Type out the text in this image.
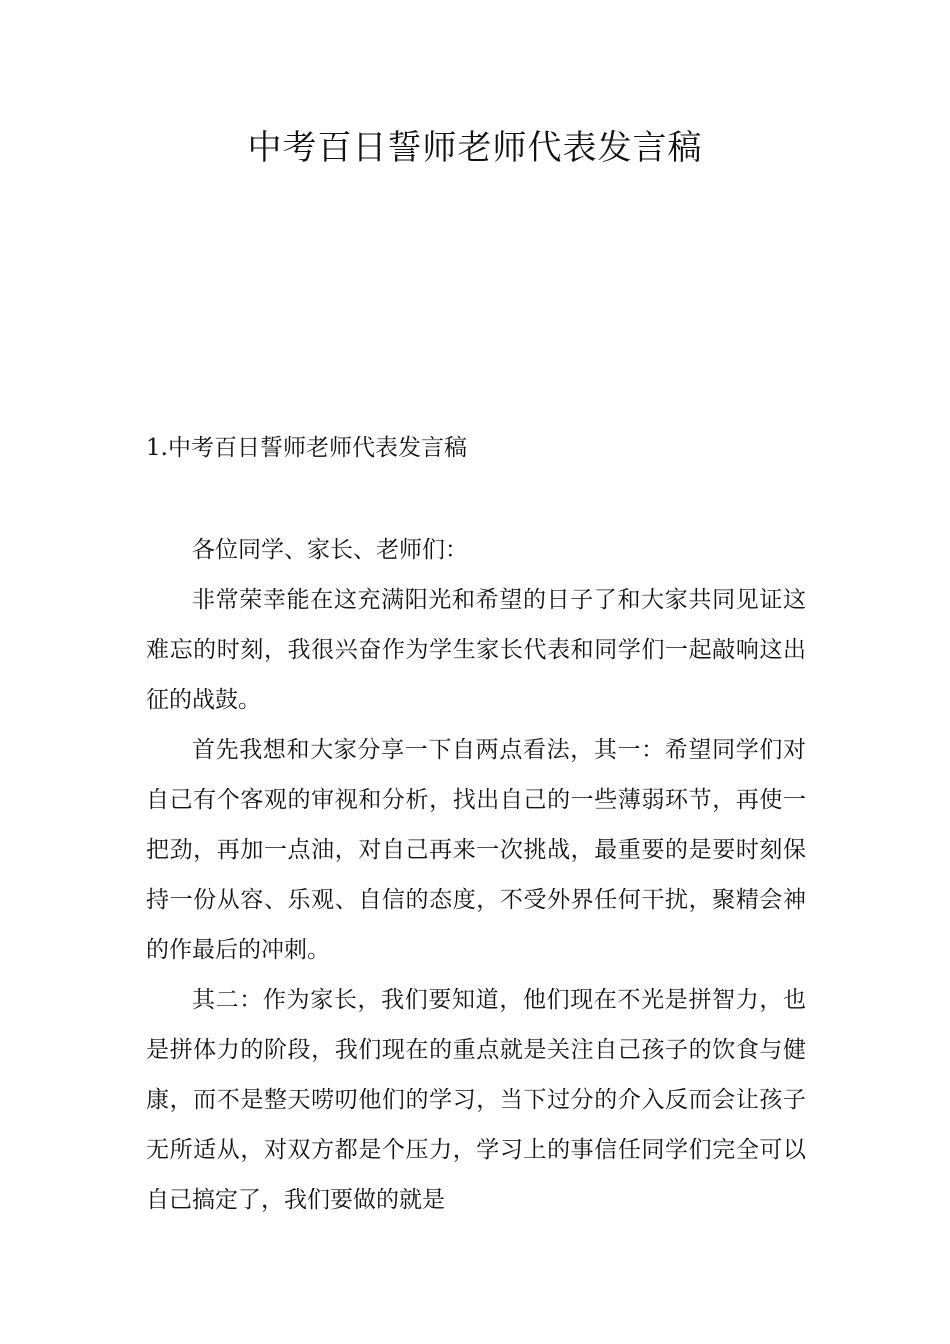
中考百日誓师老师代表发言稿
1.中考百日誓师老师代表发言稿

各位同学、家长、老师们：

非常荣幸能在这充满阳光和希望的日子了和大家共同见证这难忘的时刻，我很兴奋作为学生家长代表和同学们一起敲响这出征的战鼓。

首先我想和大家分享一下自两点看法，其一：希望同学们对自己有个客观的审视和分析，找出自己的一些薄弱环节，再使一把劲，再加一点油，对自己再来一次挑战，最重要的是要时刻保持一份从容、乐观、自信的态度，不受外界任何干扰，聚精会神的作最后的冲刺。

其二：作为家长，我们要知道，他们现在不光是拼智力，也是拼体力的阶段，我们现在的重点就是关注自己孩子的饮食与健康，而不是整天唠叨他们的学习，当下过分的介入反而会让孩子无所适从，对双方都是个压力，学习上的事信任同学们完全可以自己搞定了，我们要做的就是
